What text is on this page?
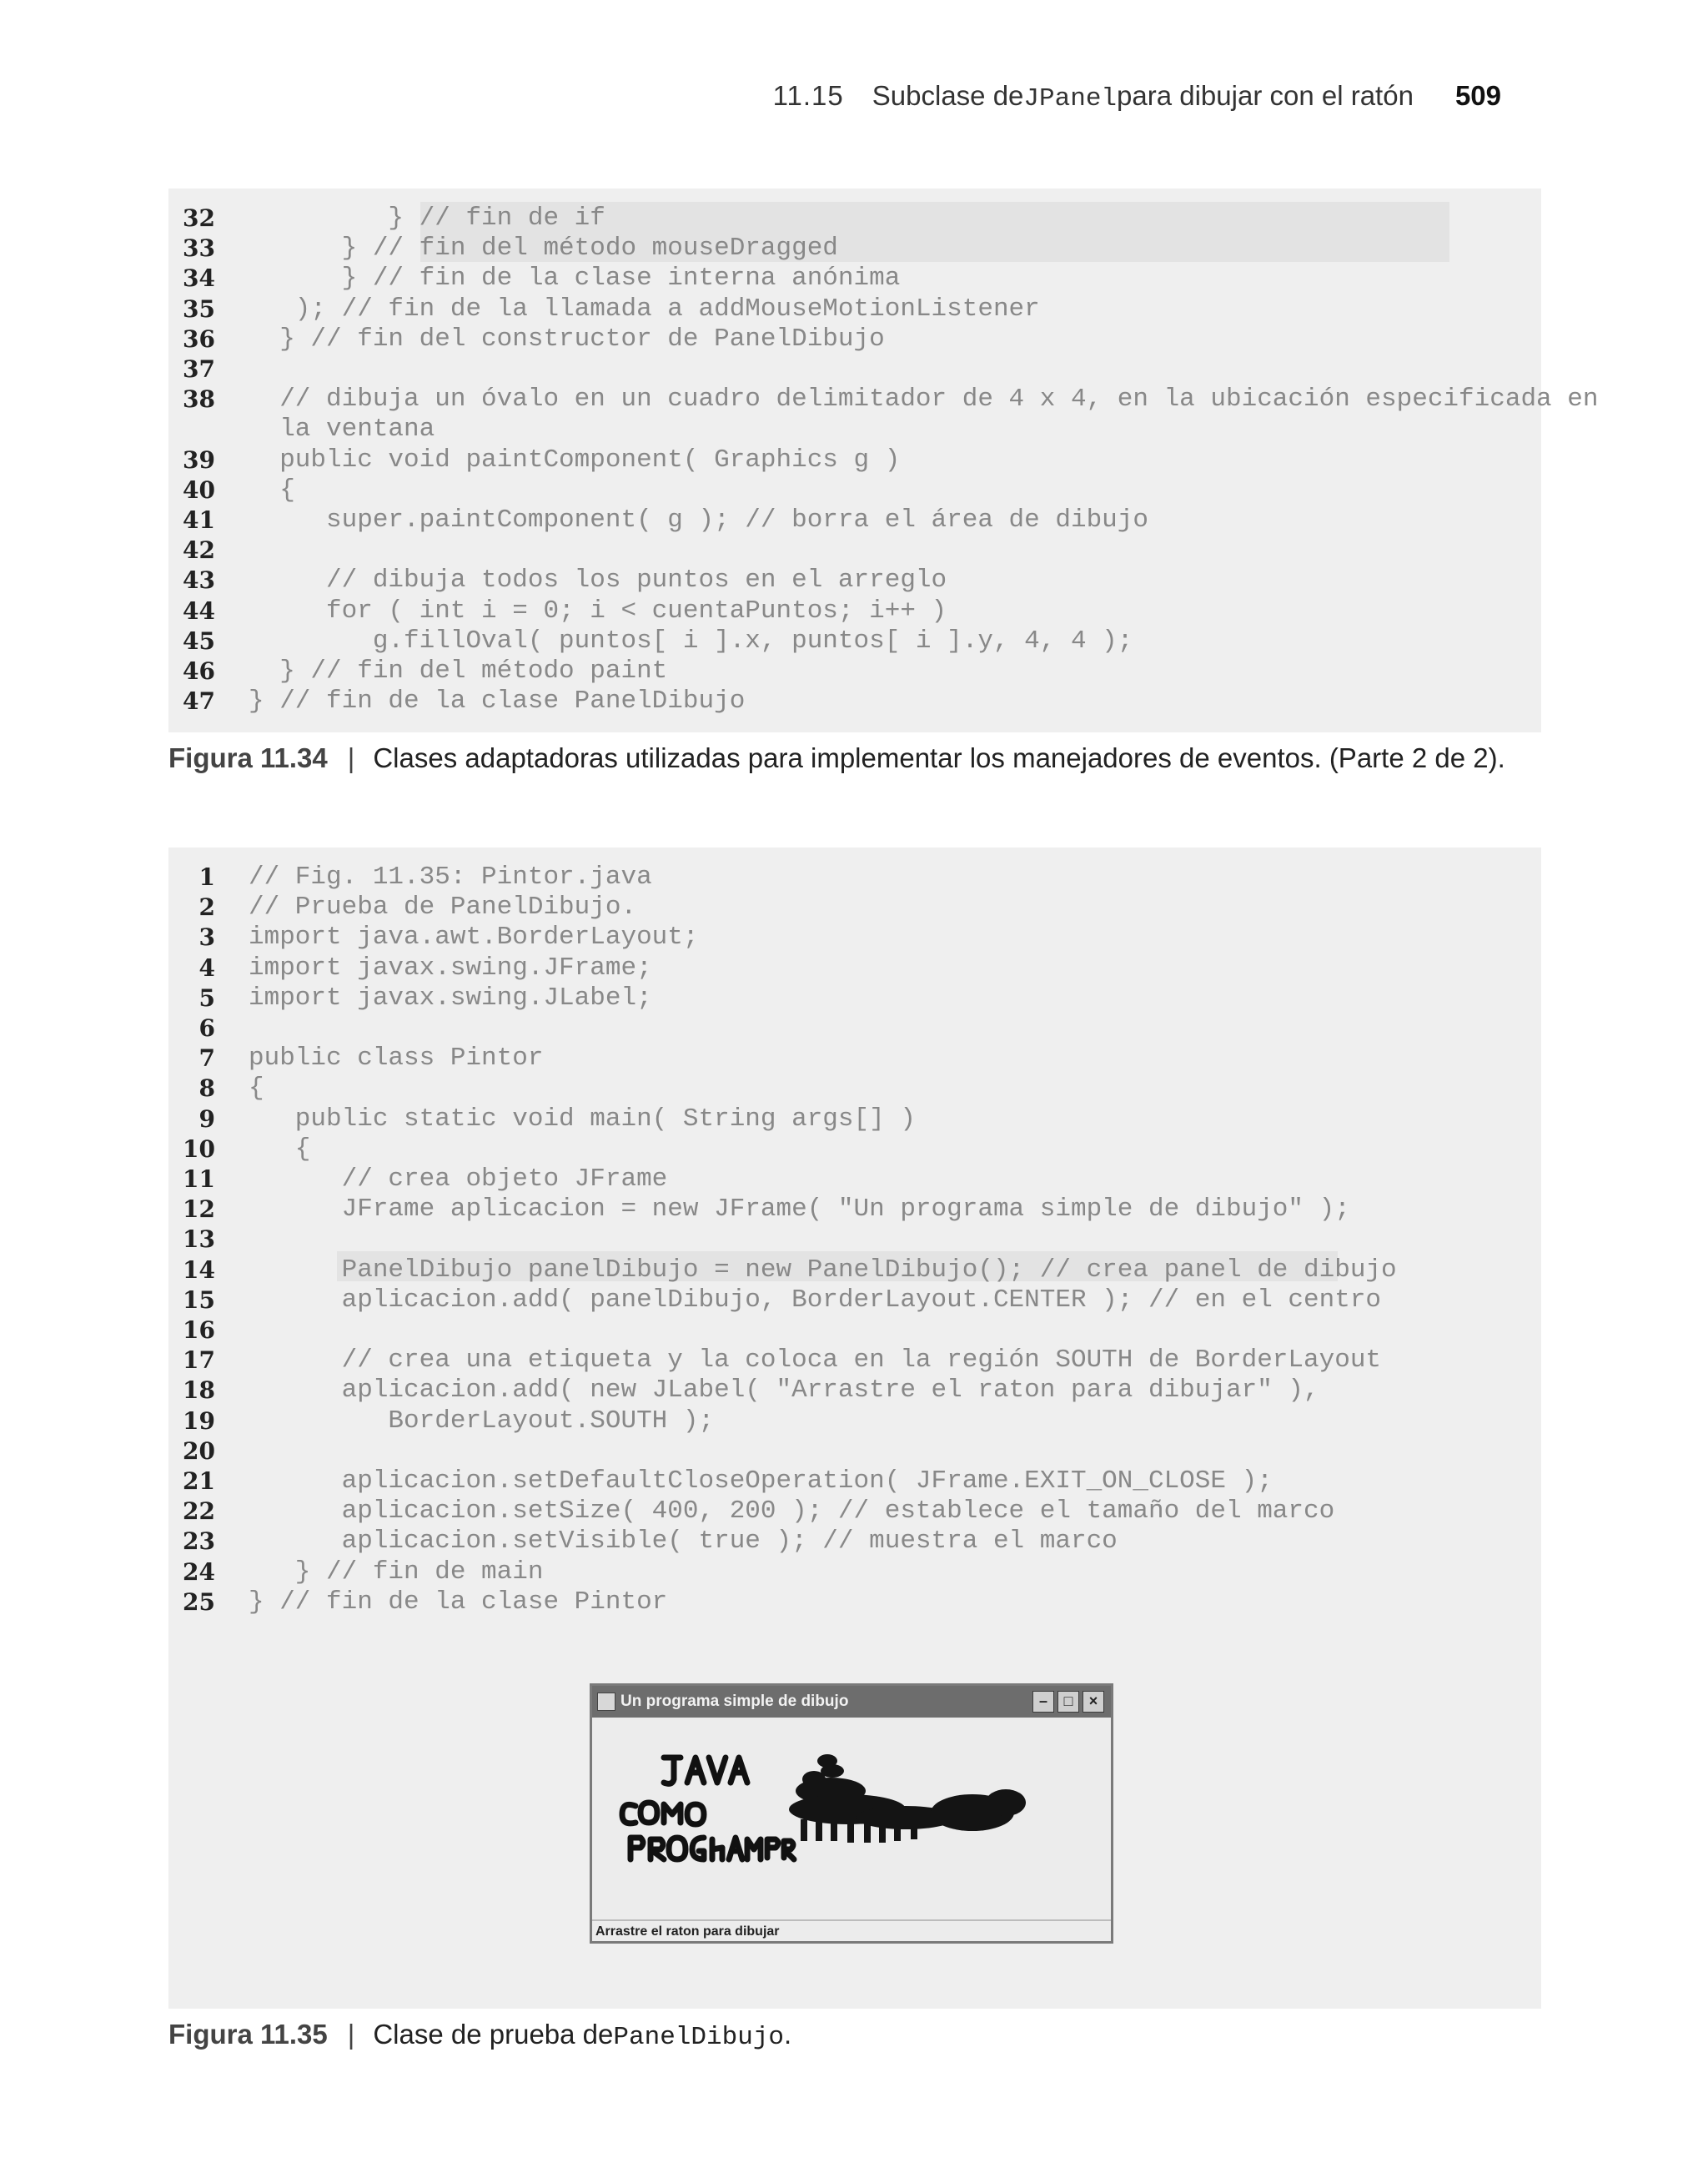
11.15 Subclase de JPanel para dibujar con el ratón 509
32 } // fin de if
33 } // fin del método mouseDragged
34 } // fin de la clase interna anónima
35 ); // fin de la llamada a addMouseMotionListener
36 } // fin del constructor de PanelDibujo
37
38 // dibuja un óvalo en un cuadro delimitador de 4 x 4, en la ubicación especificada en
la ventana
39 public void paintComponent( Graphics g )
40 {
41 super.paintComponent( g ); // borra el área de dibujo
42
43 // dibuja todos los puntos en el arreglo
44 for ( int i = 0; i < cuentaPuntos; i++ )
45 g.fillOval( puntos[ i ].x, puntos[ i ].y, 4, 4 );
46 } // fin del método paint
47 } // fin de la clase PanelDibujo
Figura 11.34 | Clases adaptadoras utilizadas para implementar los manejadores de eventos. (Parte 2 de 2).
1 // Fig. 11.35: Pintor.java
2 // Prueba de PanelDibujo.
3 import java.awt.BorderLayout;
4 import javax.swing.JFrame;
5 import javax.swing.JLabel;
6
7 public class Pintor
8 {
9 public static void main( String args[] )
10 {
11 // crea objeto JFrame
12 JFrame aplicacion = new JFrame( "Un programa simple de dibujo" );
13
14 PanelDibujo panelDibujo = new PanelDibujo(); // crea panel de dibujo
15 aplicacion.add( panelDibujo, BorderLayout.CENTER ); // en el centro
16
17 // crea una etiqueta y la coloca en la región SOUTH de BorderLayout
18 aplicacion.add( new JLabel( "Arrastre el raton para dibujar" ),
19 BorderLayout.SOUTH );
20
21 aplicacion.setDefaultCloseOperation( JFrame.EXIT_ON_CLOSE );
22 aplicacion.setSize( 400, 200 ); // establece el tamaño del marco
23 aplicacion.setVisible( true ); // muestra el marco
24 } // fin de main
25 } // fin de la clase Pintor
Un programa simple de dibujo	–	□	×
Arrastre el raton para dibujar
Figura 11.35 | Clase de prueba de PanelDibujo .
